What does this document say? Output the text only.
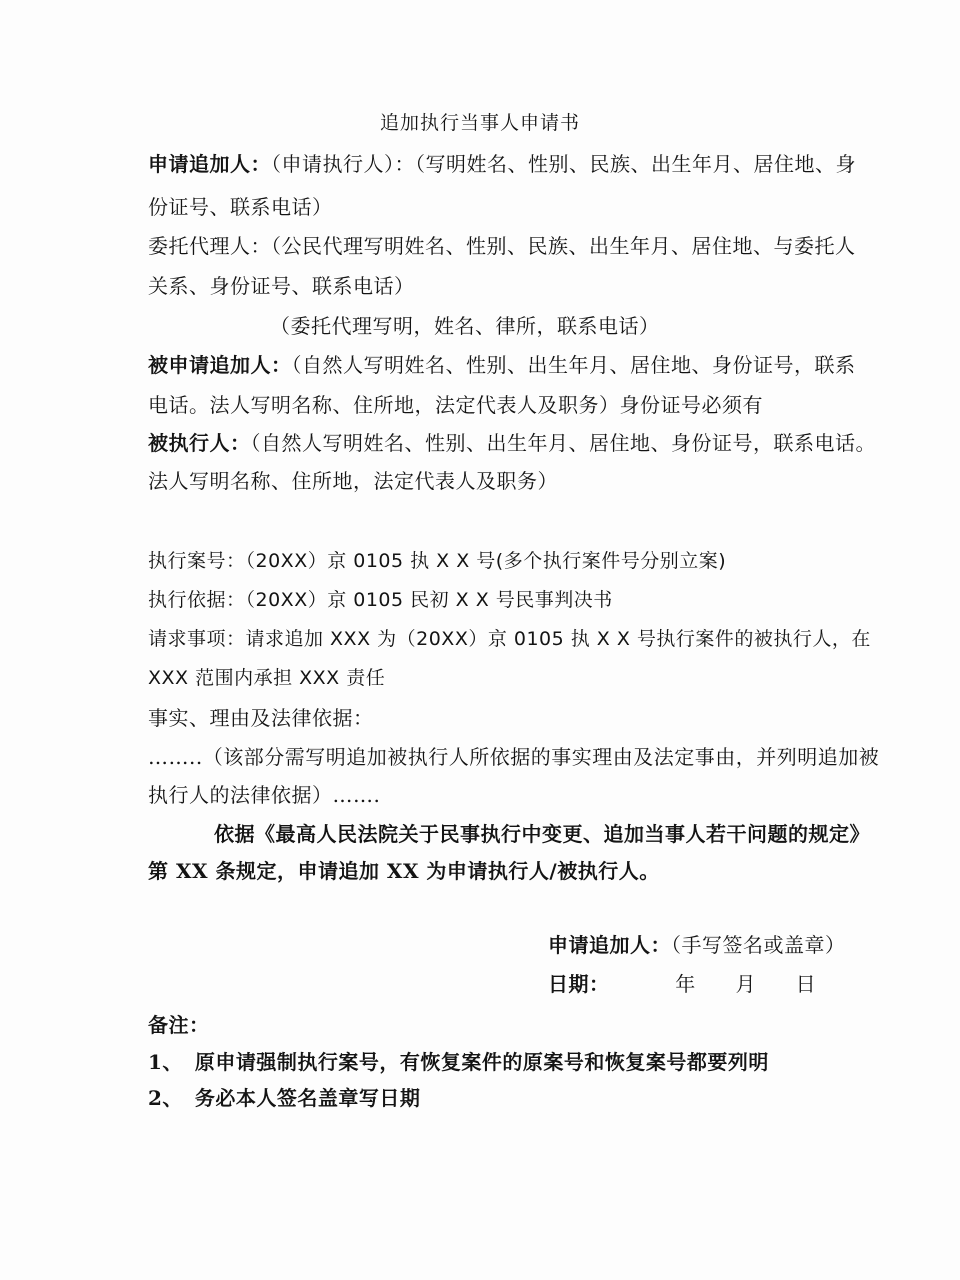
追加执行当事人申请书
申请追加人：（申请执行人）：（写明姓名、性别、民族、出生年月、居住地、身
份证号、联系电话）
委托代理人：（公民代理写明姓名、性别、民族、出生年月、居住地、与委托人
关系、身份证号、联系电话）
（委托代理写明，姓名、律所，联系电话）
被申请追加人：（自然人写明姓名、性别、出生年月、居住地、身份证号，联系
电话。法人写明名称、住所地，法定代表人及职务）身份证号必须有
被执行人：（自然人写明姓名、性别、出生年月、居住地、身份证号，联系电话。
法人写明名称、住所地，法定代表人及职务）
执行案号：（20XX）京 0105 执 X X 号(多个执行案件号分别立案)
执行依据：（20XX）京 0105 民初 X X 号民事判决书
请求事项：请求追加 XXX 为（20XX）京 0105 执 X X 号执行案件的被执行人，在
XXX 范围内承担 XXX 责任
事实、理由及法律依据：
……..（该部分需写明追加被执行人所依据的事实理由及法定事由，并列明追加被
执行人的法律依据）…….
依据《最高人民法院关于民事执行中变更、追加当事人若干问题的规定》
第 XX 条规定，申请追加 XX 为申请执行人/被执行人。
申请追加人：（手写签名或盖章）
日期：	年 月 日
备注：
1、 原申请强制执行案号，有恢复案件的原案号和恢复案号都要列明
2、 务必本人签名盖章写日期
